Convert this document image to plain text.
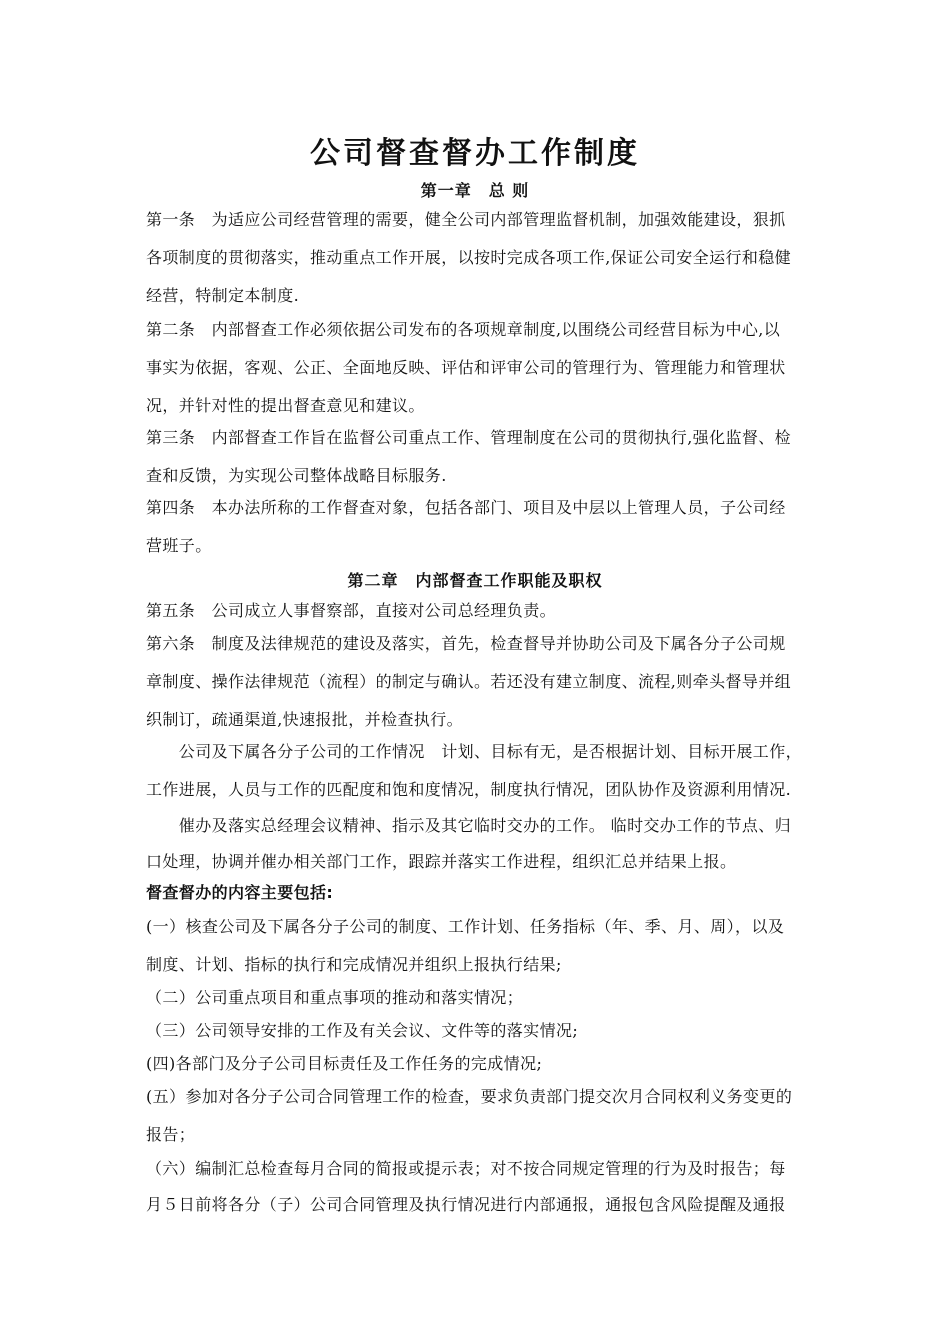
公司督查督办工作制度
第一章　总 则
第一条　为适应公司经营管理的需要，健全公司内部管理监督机制，加强效能建设，狠抓
各项制度的贯彻落实，推动重点工作开展，以按时完成各项工作,保证公司安全运行和稳健
经营，特制定本制度.
第二条　内部督查工作必须依据公司发布的各项规章制度,以围绕公司经营目标为中心,以
事实为依据，客观、公正、全面地反映、评估和评审公司的管理行为、管理能力和管理状
况，并针对性的提出督查意见和建议。
第三条　内部督查工作旨在监督公司重点工作、管理制度在公司的贯彻执行,强化监督、检
查和反馈，为实现公司整体战略目标服务.
第四条　本办法所称的工作督查对象，包括各部门、项目及中层以上管理人员，子公司经
营班子。
第二章　内部督查工作职能及职权
第五条　公司成立人事督察部，直接对公司总经理负责。
第六条　制度及法律规范的建设及落实，首先，检查督导并协助公司及下属各分子公司规
章制度、操作法律规范（流程）的制定与确认。若还没有建立制度、流程,则牵头督导并组
织制订，疏通渠道,快速报批，并检查执行。
　　公司及下属各分子公司的工作情况　计划、目标有无，是否根据计划、目标开展工作，
工作进展，人员与工作的匹配度和饱和度情况，制度执行情况，团队协作及资源利用情况.
　　催办及落实总经理会议精神、指示及其它临时交办的工作。 临时交办工作的节点、归
口处理，协调并催办相关部门工作，跟踪并落实工作进程，组织汇总并结果上报。
督查督办的内容主要包括:
(一）核查公司及下属各分子公司的制度、工作计划、任务指标（年、季、月、周），以及
制度、计划、指标的执行和完成情况并组织上报执行结果;
（二）公司重点项目和重点事项的推动和落实情况；
（三）公司领导安排的工作及有关会议、文件等的落实情况;
(四)各部门及分子公司目标责任及工作任务的完成情况;
(五）参加对各分子公司合同管理工作的检查，要求负责部门提交次月合同权利义务变更的
报告；
（六）编制汇总检查每月合同的简报或提示表；对不按合同规定管理的行为及时报告；每
月５日前将各分（子）公司合同管理及执行情况进行内部通报，通报包含风险提醒及通报
